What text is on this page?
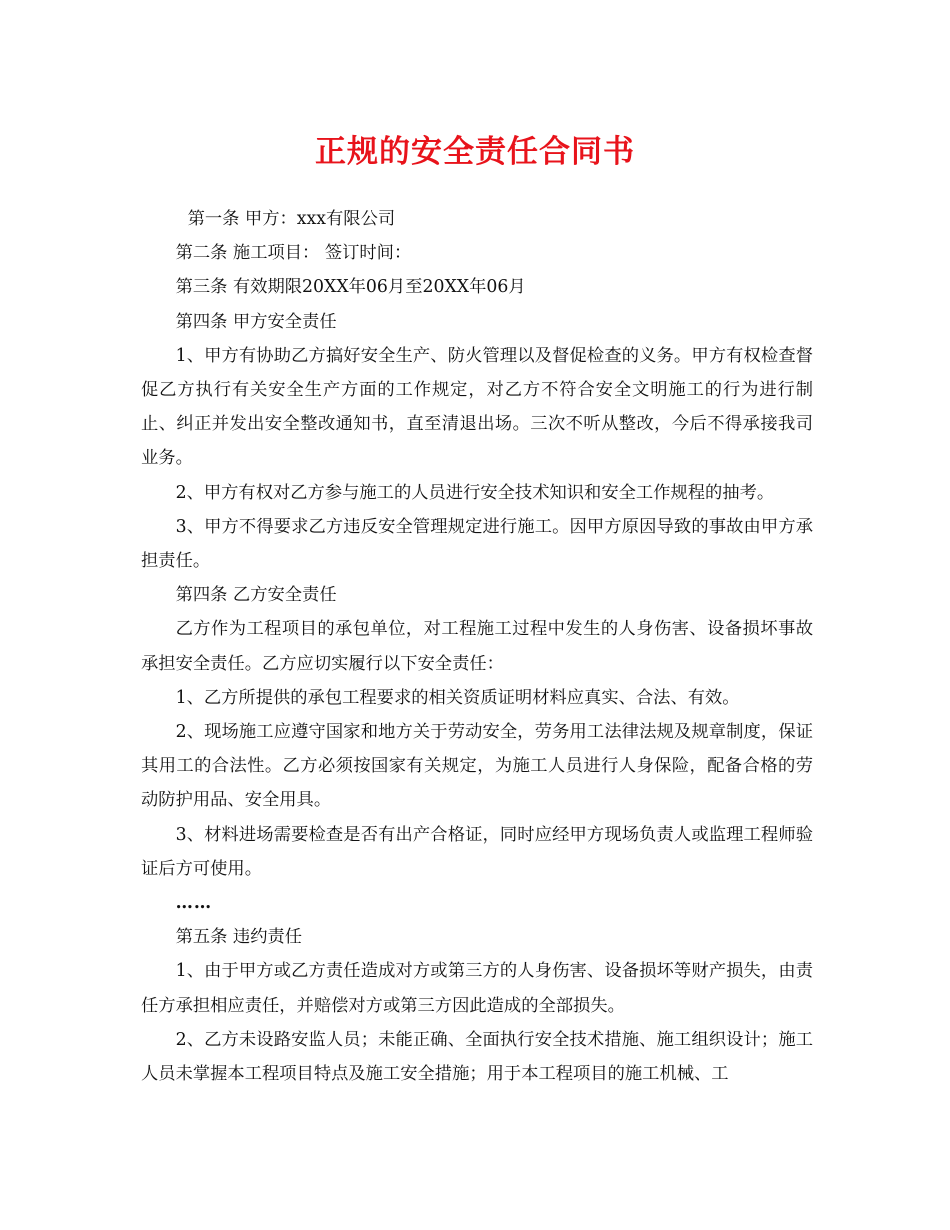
正规的安全责任合同书

第一条 甲方：xxx有限公司

第二条 施工项目： 签订时间：

第三条 有效期限20XX年06月至20XX年06月

第四条 甲方安全责任

1、甲方有协助乙方搞好安全生产、防火管理以及督促检查的义务。甲方有权检查督促乙方执行有关安全生产方面的工作规定，对乙方不符合安全文明施工的行为进行制止、纠正并发出安全整改通知书，直至清退出场。三次不听从整改，今后不得承接我司业务。

2、甲方有权对乙方参与施工的人员进行安全技术知识和安全工作规程的抽考。

3、甲方不得要求乙方违反安全管理规定进行施工。因甲方原因导致的事故由甲方承担责任。

第四条 乙方安全责任

乙方作为工程项目的承包单位，对工程施工过程中发生的人身伤害、设备损坏事故承担安全责任。乙方应切实履行以下安全责任：

1、乙方所提供的承包工程要求的相关资质证明材料应真实、合法、有效。

2、现场施工应遵守国家和地方关于劳动安全，劳务用工法律法规及规章制度，保证其用工的合法性。乙方必须按国家有关规定，为施工人员进行人身保险，配备合格的劳动防护用品、安全用具。

3、材料进场需要检查是否有出产合格证，同时应经甲方现场负责人或监理工程师验证后方可使用。

……

第五条 违约责任

1、由于甲方或乙方责任造成对方或第三方的人身伤害、设备损坏等财产损失，由责任方承担相应责任，并赔偿对方或第三方因此造成的全部损失。

2、乙方未设路安监人员；未能正确、全面执行安全技术措施、施工组织设计；施工人员未掌握本工程项目特点及施工安全措施；用于本工程项目的施工机械、工
